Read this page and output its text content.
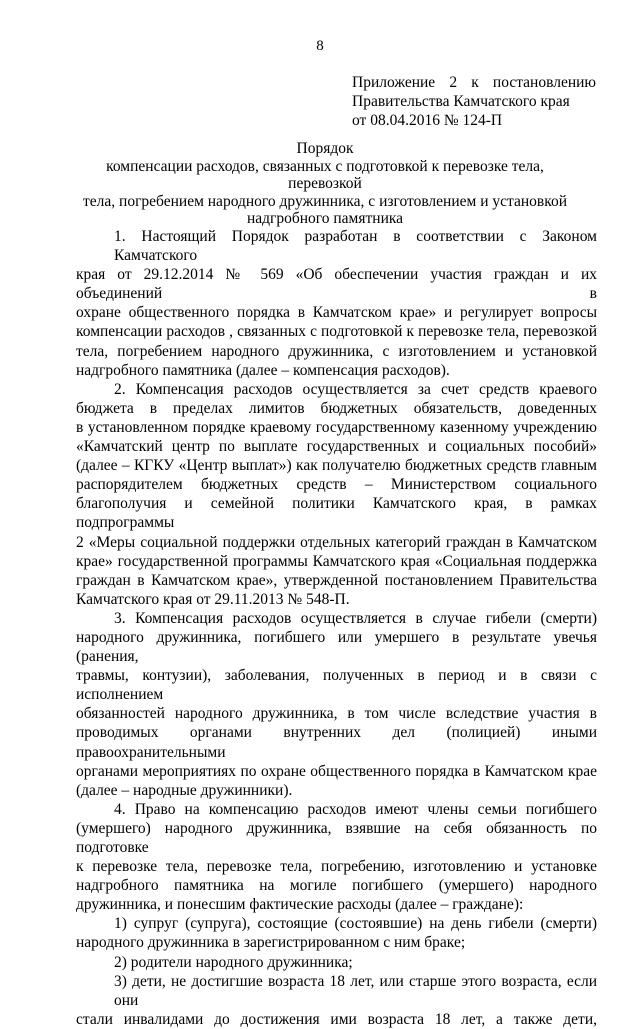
8
Приложение 2 к постановлению
Правительства Камчатского края
от 08.04.2016 № 124-П
Порядок
компенсации расходов, связанных с подготовкой к перевозке тела, перевозкой
тела, погребением народного дружинника, с изготовлением и установкой
надгробного памятника
1. Настоящий Порядок разработан в соответствии с Законом Камчатского
края от 29.12.2014 № 569 «Об обеспечении участия граждан и их объединений в
охране общественного порядка в Камчатском крае» и регулирует вопросы
компенсации расходов , связанных с подготовкой к перевозке тела, перевозкой
тела, погребением народного дружинника, с изготовлением и установкой
надгробного памятника (далее – компенсация расходов).
2. Компенсация расходов осуществляется за счет средств краевого
бюджета в пределах лимитов бюджетных обязательств, доведенных
в установленном порядке краевому государственному казенному учреждению
«Камчатский центр по выплате государственных и социальных пособий»
(далее – КГКУ «Центр выплат») как получателю бюджетных средств главным
распорядителем бюджетных средств – Министерством социального
благополучия и семейной политики Камчатского края, в рамках подпрограммы
2 «Меры социальной поддержки отдельных категорий граждан в Камчатском
крае» государственной программы Камчатского края «Социальная поддержка
граждан в Камчатском крае», утвержденной постановлением Правительства
Камчатского края от 29.11.2013 № 548-П.
3. Компенсация расходов осуществляется в случае гибели (смерти)
народного дружинника, погибшего или умершего в результате увечья (ранения,
травмы, контузии), заболевания, полученных в период и в связи с исполнением
обязанностей народного дружинника, в том числе вследствие участия в
проводимых органами внутренних дел (полицией) иными правоохранительными
органами мероприятиях по охране общественного порядка в Камчатском крае
(далее – народные дружинники).
4. Право на компенсацию расходов имеют члены семьи погибшего
(умершего) народного дружинника, взявшие на себя обязанность по подготовке
к перевозке тела, перевозке тела, погребению, изготовлению и установке
надгробного памятника на могиле погибшего (умершего) народного
дружинника, и понесшим фактические расходы (далее – граждане):
1) супруг (супруга), состоящие (состоявшие) на день гибели (смерти)
народного дружинника в зарегистрированном с ним браке;
2) родители народного дружинника;
3) дети, не достигшие возраста 18 лет, или старше этого возраста, если они
стали инвалидами до достижения ими возраста 18 лет, а также дети,
